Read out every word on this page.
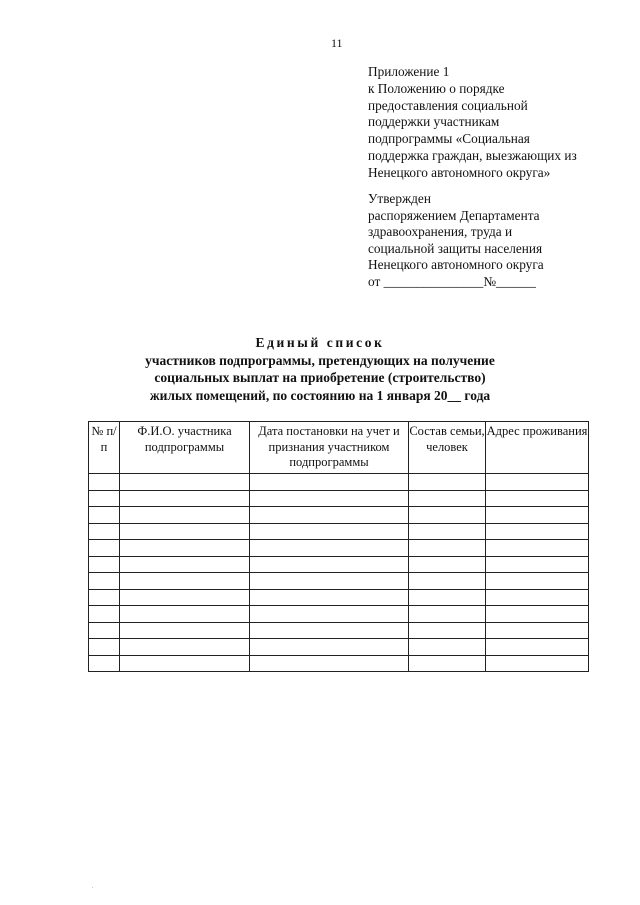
11
Приложение 1
к Положению о порядке
предоставления социальной
поддержки участникам
подпрограммы «Социальная
поддержка граждан, выезжающих из
Ненецкого автономного округа»
Утвержден
распоряжением Департамента
здравоохранения, труда и
социальной защиты населения
Ненецкого автономного округа
от _______________№______
Единый список
участников подпрограммы, претендующих на получение
социальных выплат на приобретение (строительство)
жилых помещений, по состоянию на 1 января 20__ года
№ п/п	Ф.И.О. участника подпрограммы	Дата постановки на учет и признания участником подпрограммы	Состав семьи, человек	Адрес проживания

.
